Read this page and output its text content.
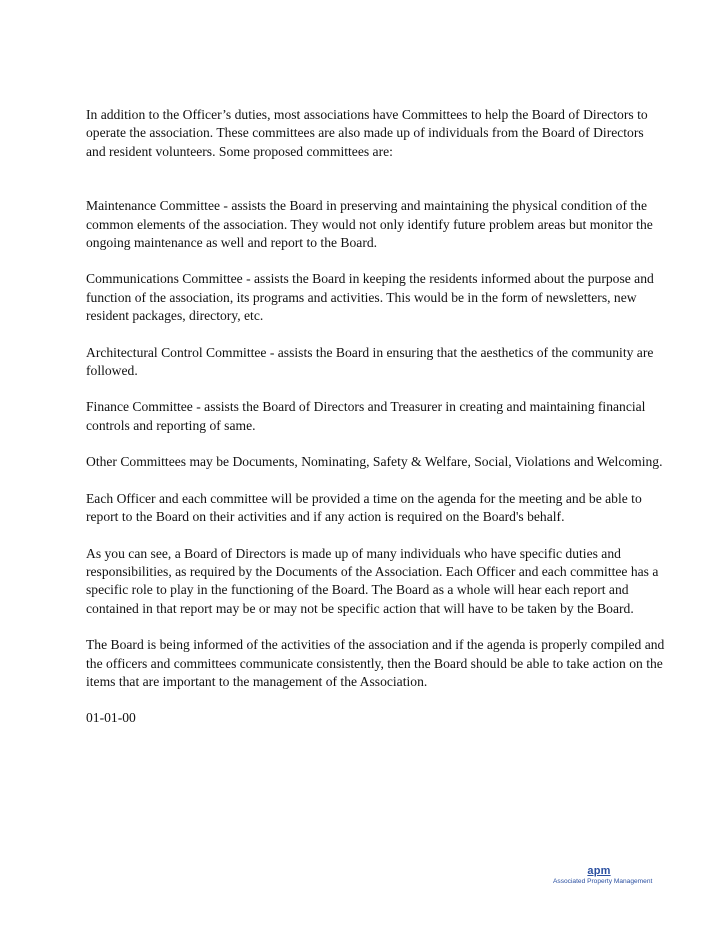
In addition to the Officer’s duties, most associations have Committees to help the Board of Directors to operate the association. These committees are also made up of individuals from the Board of Directors and resident volunteers. Some proposed committees are:

Maintenance Committee - assists the Board in preserving and maintaining the physical condition of the common elements of the association. They would not only identify future problem areas but monitor the ongoing maintenance as well and report to the Board.

Communications Committee - assists the Board in keeping the residents informed about the purpose and function of the association, its programs and activities. This would be in the form of newsletters, new resident packages, directory, etc.

Architectural Control Committee - assists the Board in ensuring that the aesthetics of the community are followed.

Finance Committee - assists the Board of Directors and Treasurer in creating and maintaining financial controls and reporting of same.

Other Committees may be Documents, Nominating, Safety & Welfare, Social, Violations and Welcoming.

Each Officer and each committee will be provided a time on the agenda for the meeting and be able to report to the Board on their activities and if any action is required on the Board's behalf.

As you can see, a Board of Directors is made up of many individuals who have specific duties and responsibilities, as required by the Documents of the Association. Each Officer and each committee has a specific role to play in the functioning of the Board. The Board as a whole will hear each report and contained in that report may be or may not be specific action that will have to be taken by the Board.

The Board is being informed of the activities of the association and if the agenda is properly compiled and the officers and committees communicate consistently, then the Board should be able to take action on the items that are important to the management of the Association.

01-01-00

apm
Associated Property Management
